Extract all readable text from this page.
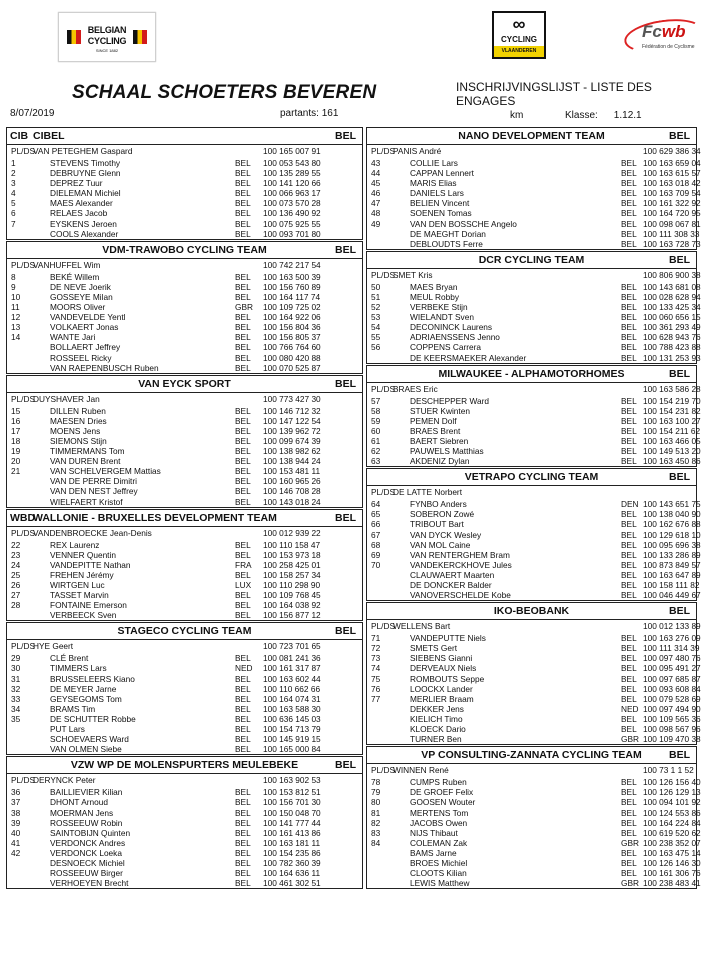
BELGIAN
CYCLING
SINCE 1882
∞
CYCLING
VLAANDEREN
Fcwb
Fédération de Cyclisme
SCHAAL SCHOETERS BEVEREN	INSCHRIJVINGSLIJST - LISTE DES ENGAGES
8/07/2019	partants: 161	km	Klasse: 1.12.1
CIB CIBEL	BEL
PL/DS
VAN PETEGHEM Gaspard	100 165 007 91
1	STEVENS Timothy	BEL 100 053 543 80
2	DEBRUYNE Glenn	BEL 100 135 289 55
3	DEPREZ Tuur	BEL 100 141 120 66
4	DIELEMAN Michiel	BEL 100 066 963 17
5	MAES Alexander	BEL 100 073 570 28
6	RELAES Jacob	BEL 100 136 490 92
7	EYSKENS Jeroen	BEL 100 075 925 55
COOLS Alexander	BEL 100 093 701 80
VDM-TRAWOBO CYCLING TEAM	BEL
PL/DS
VANHUFFEL Wim	100 742 217 54
8	BEKÉ Willem	BEL 100 163 500 39
9	DE NEVE Joerik	BEL 100 156 760 89
10	GOSSEYE Milan	BEL 100 164 117 74
11	MOORS Oliver	GBR 100 109 725 02
12	VANDEVELDE Yentl	BEL 100 164 922 06
13	VOLKAERT Jonas	BEL 100 156 804 36
14	WANTE Jari	BEL 100 156 805 37
BOLLAERT Jeffrey	BEL 100 766 764 60
ROSSEEL Ricky	BEL 100 080 420 88
VAN RAEPENBUSCH Ruben	BEL 100 070 525 87
VAN EYCK SPORT	BEL
PL/DS
DUYSHAVER Jan	100 773 427 30
15	DILLEN Ruben	BEL 100 146 712 32
16	MAESEN Dries	BEL 100 147 122 54
17	MOENS Jens	BEL 100 139 962 72
18	SIEMONS Stijn	BEL 100 099 674 39
19	TIMMERMANS Tom	BEL 100 138 982 62
20	VAN DUREN Brent	BEL 100 138 944 24
21	VAN SCHELVERGEM Mattias	BEL 100 153 481 11
VAN DE PERRE Dimitri	BEL 100 160 965 26
VAN DEN NEST Jeffrey	BEL 100 146 708 28
WIELFAERT Kristof	BEL 100 143 018 24
WBD
WALLONIE - BRUXELLES DEVELOPMENT TEAM	BEL
PL/DS
VANDENBROECKE Jean-Denis	100 012 939 22
22	REX Laurenz	BEL 100 110 158 47
23	VENNER Quentin	BEL 100 153 973 18
24	VANDEPITTE Nathan	FRA 100 258 425 01
25	FREHEN Jérémy	BEL 100 158 257 34
26	WIRTGEN Luc	LUX 100 110 298 90
27	TASSET Marvin	BEL 100 109 768 45
28	FONTAINE Emerson	BEL 100 164 038 92
VERBEECK Sven	BEL 100 156 877 12
STAGECO CYCLING TEAM	BEL
PL/DS
HYE Geert	100 723 701 65
29	CLÉ Brent	BEL 100 081 241 36
30	TIMMERS Lars	NED 100 161 317 87
31	BRUSSELEERS Kiano	BEL 100 163 602 44
32	DE MEYER Jarne	BEL 100 110 662 66
33	GEYSEGOMS Tom	BEL 100 164 074 31
34	BRAMS Tim	BEL 100 163 588 30
35	DE SCHUTTER Robbe	BEL 100 636 145 03
PUT Lars	BEL 100 154 713 79
SCHOEVAERS Ward	BEL 100 145 919 15
VAN OLMEN Siebe	BEL 100 165 000 84
VZW WP DE MOLENSPURTERS MEULEBEKE	BEL
PL/DS
DERYNCK Peter	100 163 902 53
36	BAILLIEVIER Kilian	BEL 100 153 812 51
37	DHONT Arnoud	BEL 100 156 701 30
38	MOERMAN Jens	BEL 100 150 048 70
39	ROSSEEUW Robin	BEL 100 141 777 44
40	SAINTOBIJN Quinten	BEL 100 161 413 86
41	VERDONCK Andres	BEL 100 163 181 11
42	VERDONCK Loeka	BEL 100 154 235 86
DESNOECK Michiel	BEL 100 782 360 39
ROSSEEUW Birger	BEL 100 164 636 11
VERHOEYEN Brecht	BEL 100 461 302 51
NANO DEVELOPMENT TEAM	BEL
PL/DS
PANIS André	100 629 386 34
43	COLLIE Lars	BEL 100 163 659 04
44	CAPPAN Lennert	BEL 100 163 615 57
45	MARIS Elias	BEL 100 163 018 42
46	DANIELS Lars	BEL 100 163 709 54
47	BELIEN Vincent	BEL 100 161 322 92
48	SOENEN Tomas	BEL 100 164 720 95
49	VAN DEN BOSSCHE Angelo	BEL 100 098 067 81
DE MAEGHT Dorian	BEL 100 111 308 33
DEBLOUDTS Ferre	BEL 100 163 728 73
DCR CYCLING TEAM	BEL
PL/DS
SMET Kris	100 806 900 38
50	MAES Bryan	BEL 100 143 681 08
51	MEUL Robby	BEL 100 028 628 94
52	VERBEKE Stijn	BEL 100 133 425 34
53	WIELANDT Sven	BEL 100 060 656 15
54	DECONINCK Laurens	BEL 100 361 293 49
55	ADRIAENSSENS Jenno	BEL 100 628 943 76
56	COPPENS Carrera	BEL 100 788 423 88
DE KEERSMAEKER Alexander	BEL 100 131 253 93
MILWAUKEE - ALPHAMOTORHOMES	BEL
PL/DS
BRAES Eric	100 163 586 28
57	DESCHEPPER Ward	BEL 100 154 219 70
58	STUER Kwinten	BEL 100 154 231 82
59	PEMEN Dolf	BEL 100 163 100 27
60	BRAES Brent	BEL 100 154 211 62
61	BAERT Siebren	BEL 100 163 466 05
62	PAUWELS Matthias	BEL 100 149 513 20
63	AKDENIZ Dylan	BEL 100 163 450 86
VETRAPO CYCLING TEAM	BEL
PL/DS
DE LATTE Norbert
64	FYNBO Anders	DEN 100 143 651 75
65	SOBERON Zowé	BEL 100 138 040 90
66	TRIBOUT Bart	BEL 100 162 676 88
67	VAN DYCK Wesley	BEL 100 129 618 10
68	VAN MOL Caine	BEL 100 095 696 38
69	VAN RENTERGHEM Bram	BEL 100 133 286 89
70	VANDEKERCKHOVE Jules	BEL 100 873 849 57
CLAUWAERT Maarten	BEL 100 163 647 89
DE DONCKER Balder	BEL 100 158 111 82
VANOVERSCHELDE Kobe	BEL 100 046 449 67
IKO-BEOBANK	BEL
PL/DS
WELLENS Bart	100 012 133 89
71	VANDEPUTTE Niels	BEL 100 163 276 09
72	SMETS Gert	BEL 100 111 314 39
73	SIEBENS Gianni	BEL 100 097 480 76
74	DERVEAUX Niels	BEL 100 095 491 27
75	ROMBOUTS Seppe	BEL 100 097 685 87
76	LOOCKX Lander	BEL 100 093 608 84
77	MERLIER Braam	BEL 100 079 528 69
DEKKER Jens	NED 100 097 494 90
KIELICH Timo	BEL 100 109 565 36
KLOECK Dario	BEL 100 098 567 96
TURNER Ben	GBR 100 109 470 38
VP CONSULTING-ZANNATA CYCLING TEAM	BEL
PL/DS
WINNEN René	100 73 1 1 52
78	CUMPS Ruben	BEL 100 126 156 40
79	DE GROEF Felix	BEL 100 126 129 13
80	GOOSEN Wouter	BEL 100 094 101 92
81	MERTENS Tom	BEL 100 124 553 86
82	JACOBS Owen	BEL 100 164 224 84
83	NIJS Thibaut	BEL 100 619 520 62
84	COLEMAN Zak	GBR 100 238 352 07
BAMS Jarne	BEL 100 163 475 14
BROES Michiel	BEL 100 126 146 30
CLOOTS Kilian	BEL 100 161 306 76
LEWIS Matthew	GBR 100 238 483 41
